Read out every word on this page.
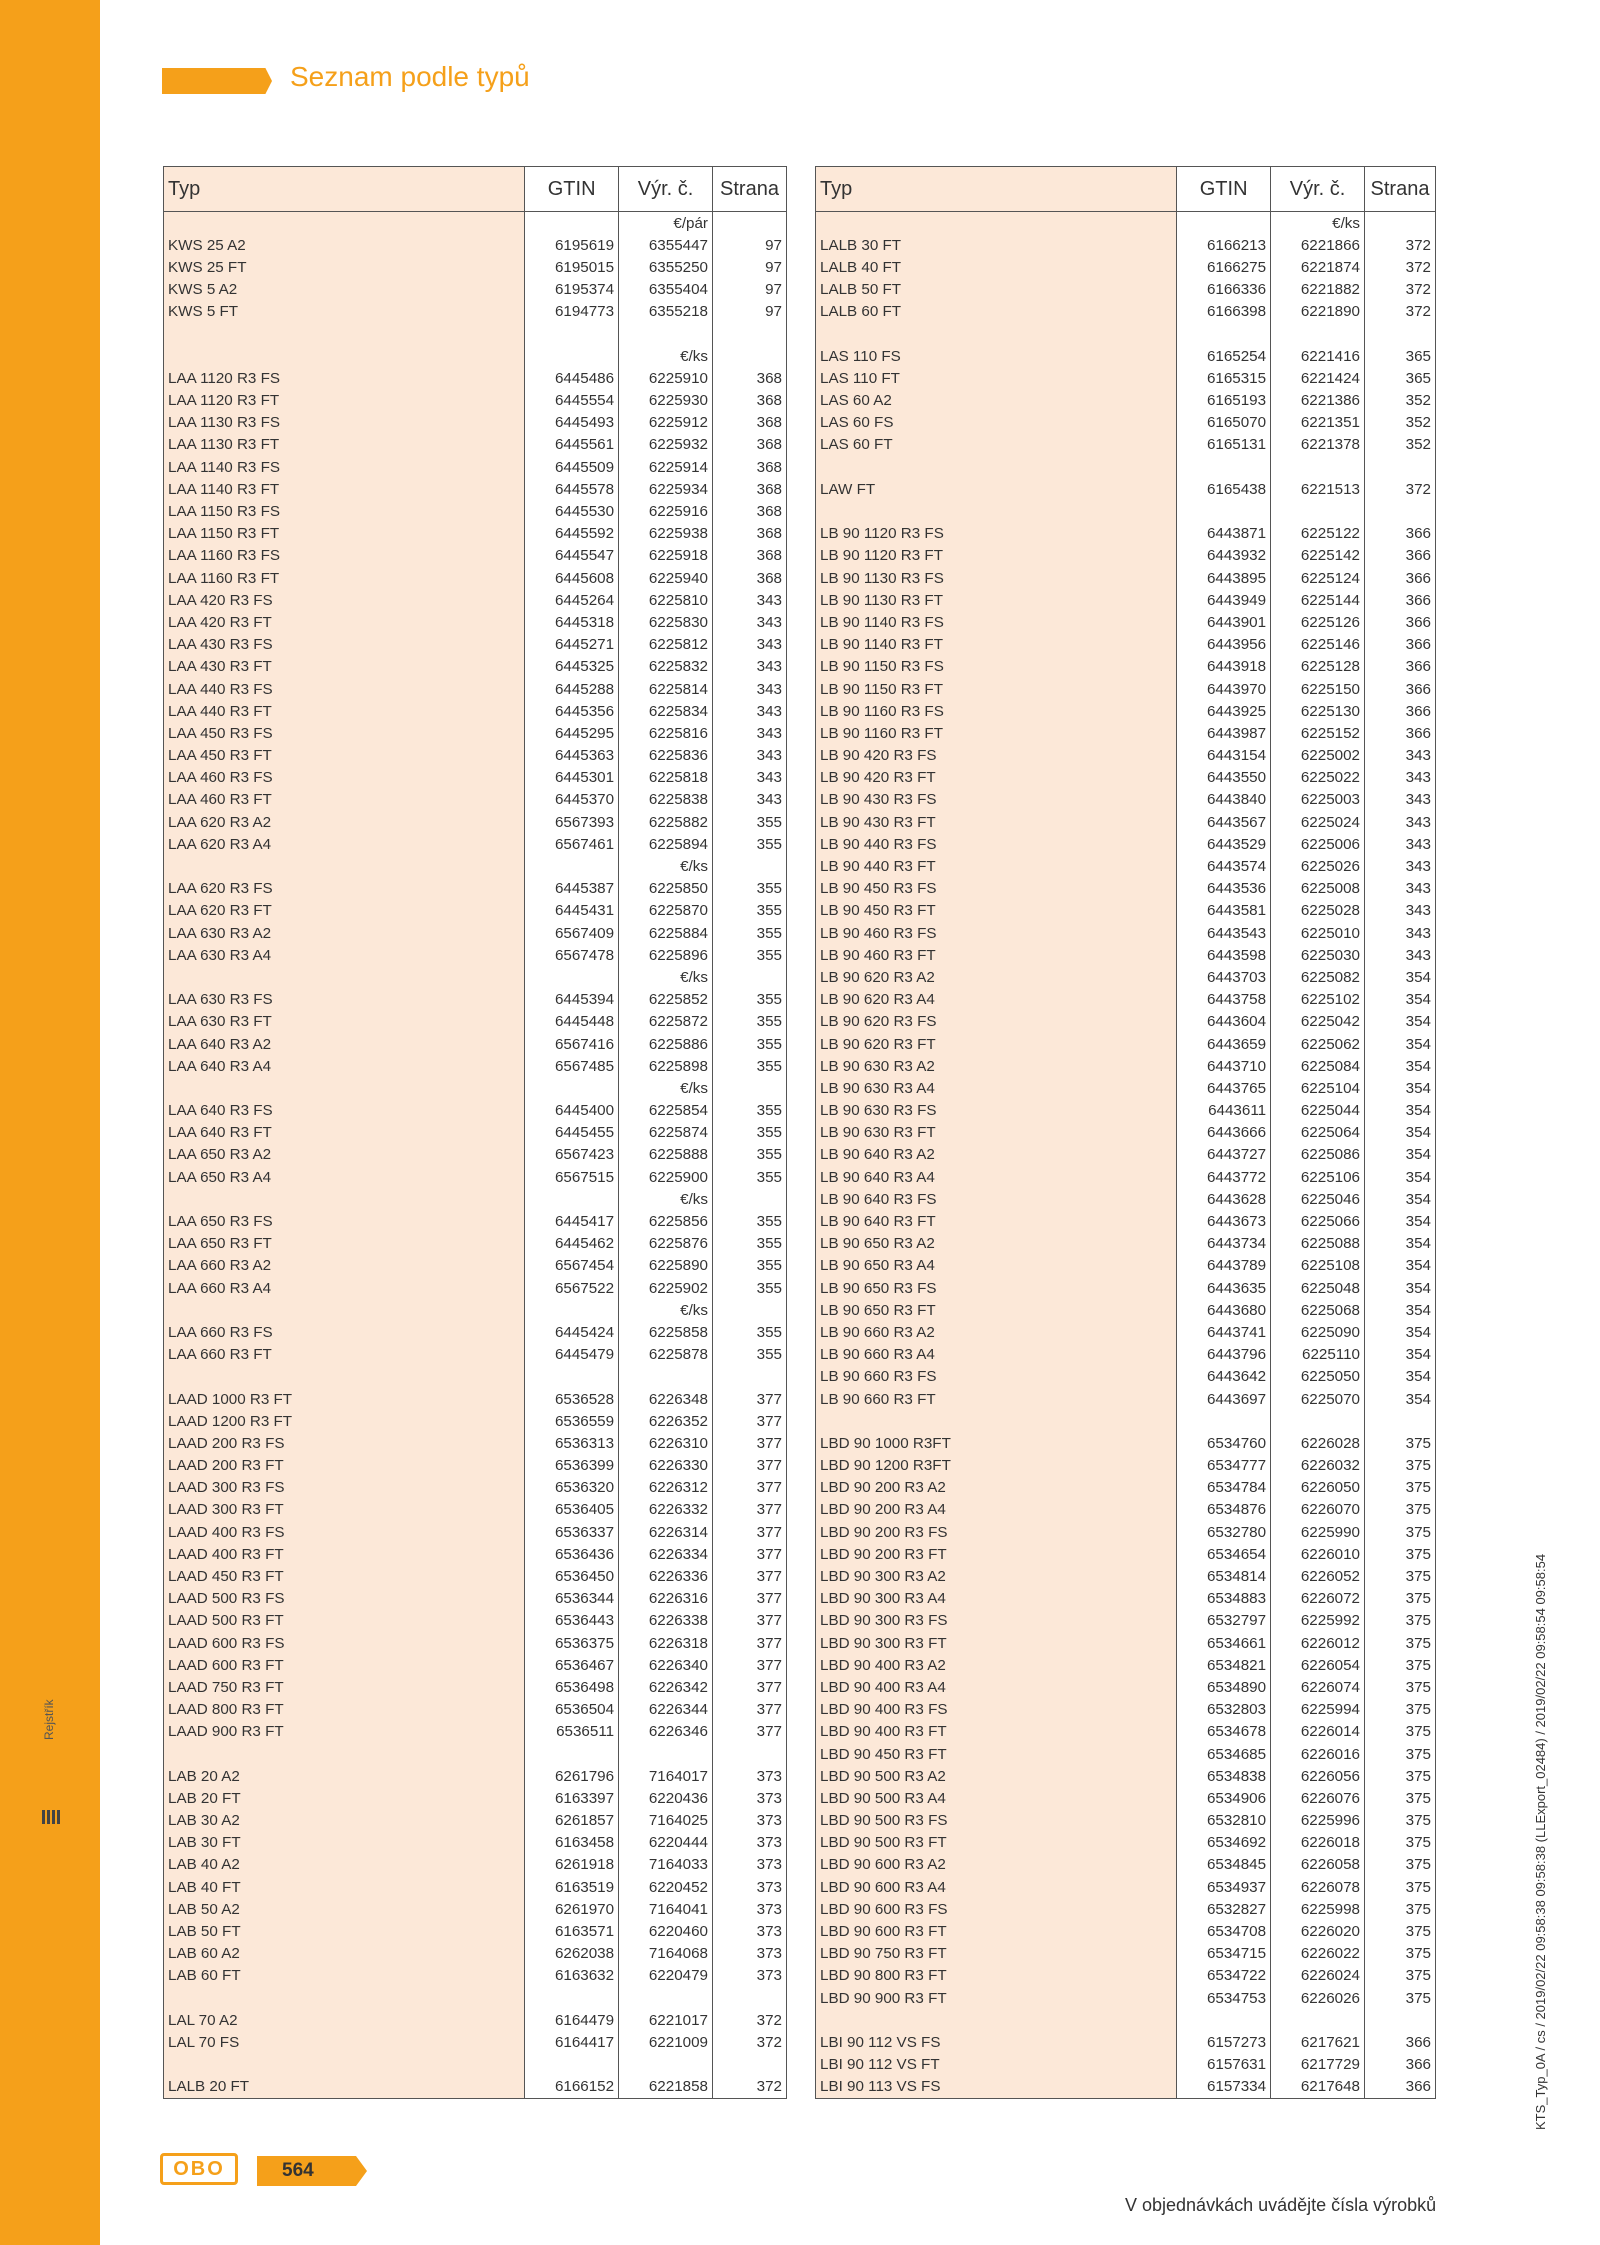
Rejstřík
Seznam podle typů
Typ	GTIN	Výr. č.	Strana
		€/pár	
KWS 25 A2	6195619	6355447	97
KWS 25 FT	6195015	6355250	97
KWS 5 A2	6195374	6355404	97
KWS 5 FT	6194773	6355218	97

		€/ks	
LAA 1120 R3 FS	6445486	6225910	368
LAA 1120 R3 FT	6445554	6225930	368
LAA 1130 R3 FS	6445493	6225912	368
LAA 1130 R3 FT	6445561	6225932	368
LAA 1140 R3 FS	6445509	6225914	368
LAA 1140 R3 FT	6445578	6225934	368
LAA 1150 R3 FS	6445530	6225916	368
LAA 1150 R3 FT	6445592	6225938	368
LAA 1160 R3 FS	6445547	6225918	368
LAA 1160 R3 FT	6445608	6225940	368
LAA 420 R3 FS	6445264	6225810	343
LAA 420 R3 FT	6445318	6225830	343
LAA 430 R3 FS	6445271	6225812	343
LAA 430 R3 FT	6445325	6225832	343
LAA 440 R3 FS	6445288	6225814	343
LAA 440 R3 FT	6445356	6225834	343
LAA 450 R3 FS	6445295	6225816	343
LAA 450 R3 FT	6445363	6225836	343
LAA 460 R3 FS	6445301	6225818	343
LAA 460 R3 FT	6445370	6225838	343
LAA 620 R3 A2	6567393	6225882	355
LAA 620 R3 A4	6567461	6225894	355
		€/ks	
LAA 620 R3 FS	6445387	6225850	355
LAA 620 R3 FT	6445431	6225870	355
LAA 630 R3 A2	6567409	6225884	355
LAA 630 R3 A4	6567478	6225896	355
		€/ks	
LAA 630 R3 FS	6445394	6225852	355
LAA 630 R3 FT	6445448	6225872	355
LAA 640 R3 A2	6567416	6225886	355
LAA 640 R3 A4	6567485	6225898	355
		€/ks	
LAA 640 R3 FS	6445400	6225854	355
LAA 640 R3 FT	6445455	6225874	355
LAA 650 R3 A2	6567423	6225888	355
LAA 650 R3 A4	6567515	6225900	355
		€/ks	
LAA 650 R3 FS	6445417	6225856	355
LAA 650 R3 FT	6445462	6225876	355
LAA 660 R3 A2	6567454	6225890	355
LAA 660 R3 A4	6567522	6225902	355
		€/ks	
LAA 660 R3 FS	6445424	6225858	355
LAA 660 R3 FT	6445479	6225878	355

LAAD 1000 R3 FT	6536528	6226348	377
LAAD 1200 R3 FT	6536559	6226352	377
LAAD 200 R3 FS	6536313	6226310	377
LAAD 200 R3 FT	6536399	6226330	377
LAAD 300 R3 FS	6536320	6226312	377
LAAD 300 R3 FT	6536405	6226332	377
LAAD 400 R3 FS	6536337	6226314	377
LAAD 400 R3 FT	6536436	6226334	377
LAAD 450 R3 FT	6536450	6226336	377
LAAD 500 R3 FS	6536344	6226316	377
LAAD 500 R3 FT	6536443	6226338	377
LAAD 600 R3 FS	6536375	6226318	377
LAAD 600 R3 FT	6536467	6226340	377
LAAD 750 R3 FT	6536498	6226342	377
LAAD 800 R3 FT	6536504	6226344	377
LAAD 900 R3 FT	6536511	6226346	377

LAB 20 A2	6261796	7164017	373
LAB 20 FT	6163397	6220436	373
LAB 30 A2	6261857	7164025	373
LAB 30 FT	6163458	6220444	373
LAB 40 A2	6261918	7164033	373
LAB 40 FT	6163519	6220452	373
LAB 50 A2	6261970	7164041	373
LAB 50 FT	6163571	6220460	373
LAB 60 A2	6262038	7164068	373
LAB 60 FT	6163632	6220479	373

LAL 70 A2	6164479	6221017	372
LAL 70 FS	6164417	6221009	372

LALB 20 FT	6166152	6221858	372
Typ	GTIN	Výr. č.	Strana
		€/ks	
LALB 30 FT	6166213	6221866	372
LALB 40 FT	6166275	6221874	372
LALB 50 FT	6166336	6221882	372
LALB 60 FT	6166398	6221890	372

LAS 110 FS	6165254	6221416	365
LAS 110 FT	6165315	6221424	365
LAS 60 A2	6165193	6221386	352
LAS 60 FS	6165070	6221351	352
LAS 60 FT	6165131	6221378	352

LAW FT	6165438	6221513	372

LB 90 1120 R3 FS	6443871	6225122	366
LB 90 1120 R3 FT	6443932	6225142	366
LB 90 1130 R3 FS	6443895	6225124	366
LB 90 1130 R3 FT	6443949	6225144	366
LB 90 1140 R3 FS	6443901	6225126	366
LB 90 1140 R3 FT	6443956	6225146	366
LB 90 1150 R3 FS	6443918	6225128	366
LB 90 1150 R3 FT	6443970	6225150	366
LB 90 1160 R3 FS	6443925	6225130	366
LB 90 1160 R3 FT	6443987	6225152	366
LB 90 420 R3 FS	6443154	6225002	343
LB 90 420 R3 FT	6443550	6225022	343
LB 90 430 R3 FS	6443840	6225003	343
LB 90 430 R3 FT	6443567	6225024	343
LB 90 440 R3 FS	6443529	6225006	343
LB 90 440 R3 FT	6443574	6225026	343
LB 90 450 R3 FS	6443536	6225008	343
LB 90 450 R3 FT	6443581	6225028	343
LB 90 460 R3 FS	6443543	6225010	343
LB 90 460 R3 FT	6443598	6225030	343
LB 90 620 R3 A2	6443703	6225082	354
LB 90 620 R3 A4	6443758	6225102	354
LB 90 620 R3 FS	6443604	6225042	354
LB 90 620 R3 FT	6443659	6225062	354
LB 90 630 R3 A2	6443710	6225084	354
LB 90 630 R3 A4	6443765	6225104	354
LB 90 630 R3 FS	6443611	6225044	354
LB 90 630 R3 FT	6443666	6225064	354
LB 90 640 R3 A2	6443727	6225086	354
LB 90 640 R3 A4	6443772	6225106	354
LB 90 640 R3 FS	6443628	6225046	354
LB 90 640 R3 FT	6443673	6225066	354
LB 90 650 R3 A2	6443734	6225088	354
LB 90 650 R3 A4	6443789	6225108	354
LB 90 650 R3 FS	6443635	6225048	354
LB 90 650 R3 FT	6443680	6225068	354
LB 90 660 R3 A2	6443741	6225090	354
LB 90 660 R3 A4	6443796	6225110	354
LB 90 660 R3 FS	6443642	6225050	354
LB 90 660 R3 FT	6443697	6225070	354

LBD 90 1000 R3FT	6534760	6226028	375
LBD 90 1200 R3FT	6534777	6226032	375
LBD 90 200 R3 A2	6534784	6226050	375
LBD 90 200 R3 A4	6534876	6226070	375
LBD 90 200 R3 FS	6532780	6225990	375
LBD 90 200 R3 FT	6534654	6226010	375
LBD 90 300 R3 A2	6534814	6226052	375
LBD 90 300 R3 A4	6534883	6226072	375
LBD 90 300 R3 FS	6532797	6225992	375
LBD 90 300 R3 FT	6534661	6226012	375
LBD 90 400 R3 A2	6534821	6226054	375
LBD 90 400 R3 A4	6534890	6226074	375
LBD 90 400 R3 FS	6532803	6225994	375
LBD 90 400 R3 FT	6534678	6226014	375
LBD 90 450 R3 FT	6534685	6226016	375
LBD 90 500 R3 A2	6534838	6226056	375
LBD 90 500 R3 A4	6534906	6226076	375
LBD 90 500 R3 FS	6532810	6225996	375
LBD 90 500 R3 FT	6534692	6226018	375
LBD 90 600 R3 A2	6534845	6226058	375
LBD 90 600 R3 A4	6534937	6226078	375
LBD 90 600 R3 FS	6532827	6225998	375
LBD 90 600 R3 FT	6534708	6226020	375
LBD 90 750 R3 FT	6534715	6226022	375
LBD 90 800 R3 FT	6534722	6226024	375
LBD 90 900 R3 FT	6534753	6226026	375

LBI 90 112 VS FS	6157273	6217621	366
LBI 90 112 VS FT	6157631	6217729	366
LBI 90 113 VS FS	6157334	6217648	366
OBO	564
V objednávkách uvádějte čísla výrobků
KTS_Typ_0A / cs / 2019/02/22 09:58:38 09:58:38 (LLExport_02484) / 2019/02/22 09:58:54 09:58:54
